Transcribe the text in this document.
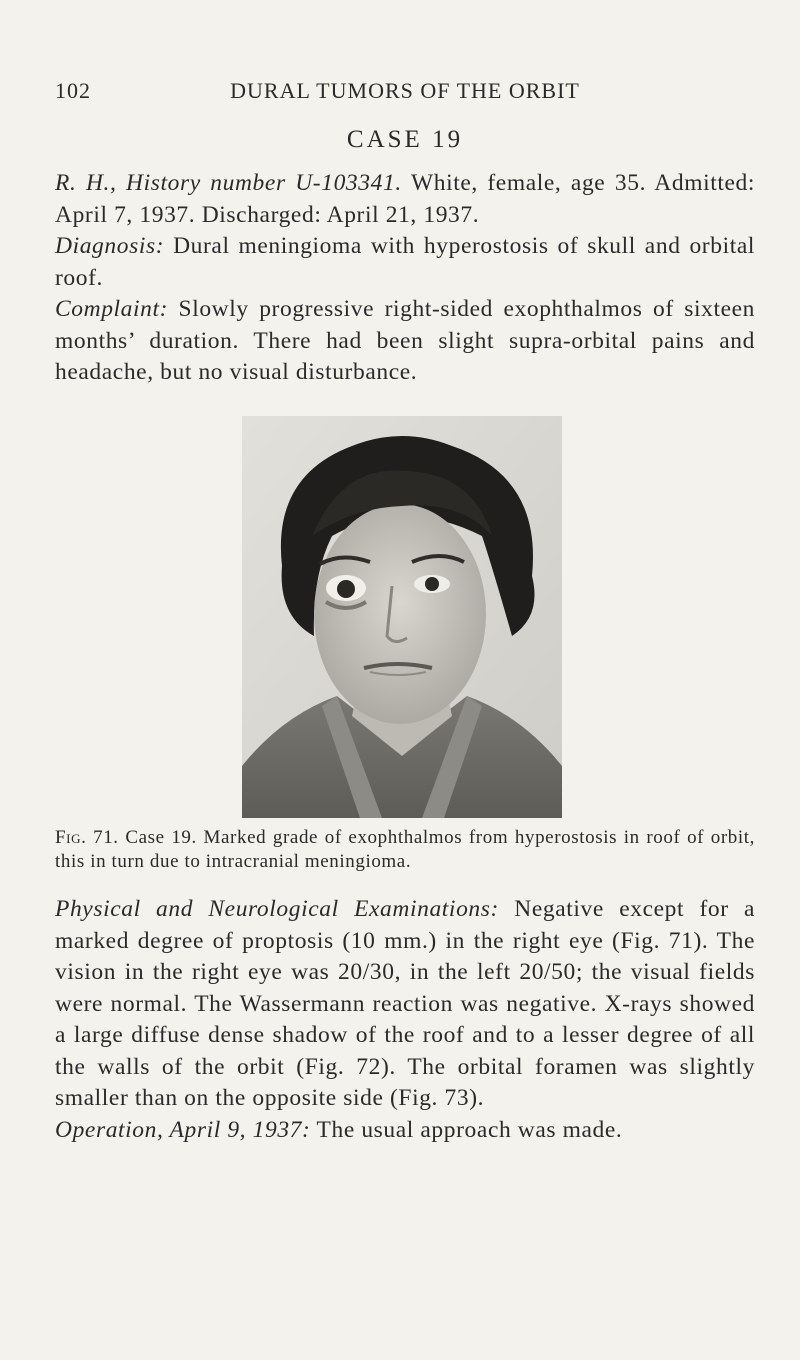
102	DURAL TUMORS OF THE ORBIT
CASE 19

R. H., History number U-103341. White, female, age 35. Admitted: April 7, 1937. Discharged: April 21, 1937.

Diagnosis: Dural meningioma with hyperostosis of skull and orbital roof.

Complaint: Slowly progressive right-sided exophthalmos of sixteen months’ duration. There had been slight supra-orbital pains and headache, but no visual disturbance.

Fig. 71. Case 19. Marked grade of exophthalmos from hyperostosis in roof of orbit, this in turn due to intracranial meningioma.

Physical and Neurological Examinations: Negative except for a marked degree of proptosis (10 mm.) in the right eye (Fig. 71). The vision in the right eye was 20/30, in the left 20/50; the visual fields were normal. The Wassermann reaction was negative. X-rays showed a large diffuse dense shadow of the roof and to a lesser degree of all the walls of the orbit (Fig. 72). The orbital foramen was slightly smaller than on the opposite side (Fig. 73).

Operation, April 9, 1937: The usual approach was made.
